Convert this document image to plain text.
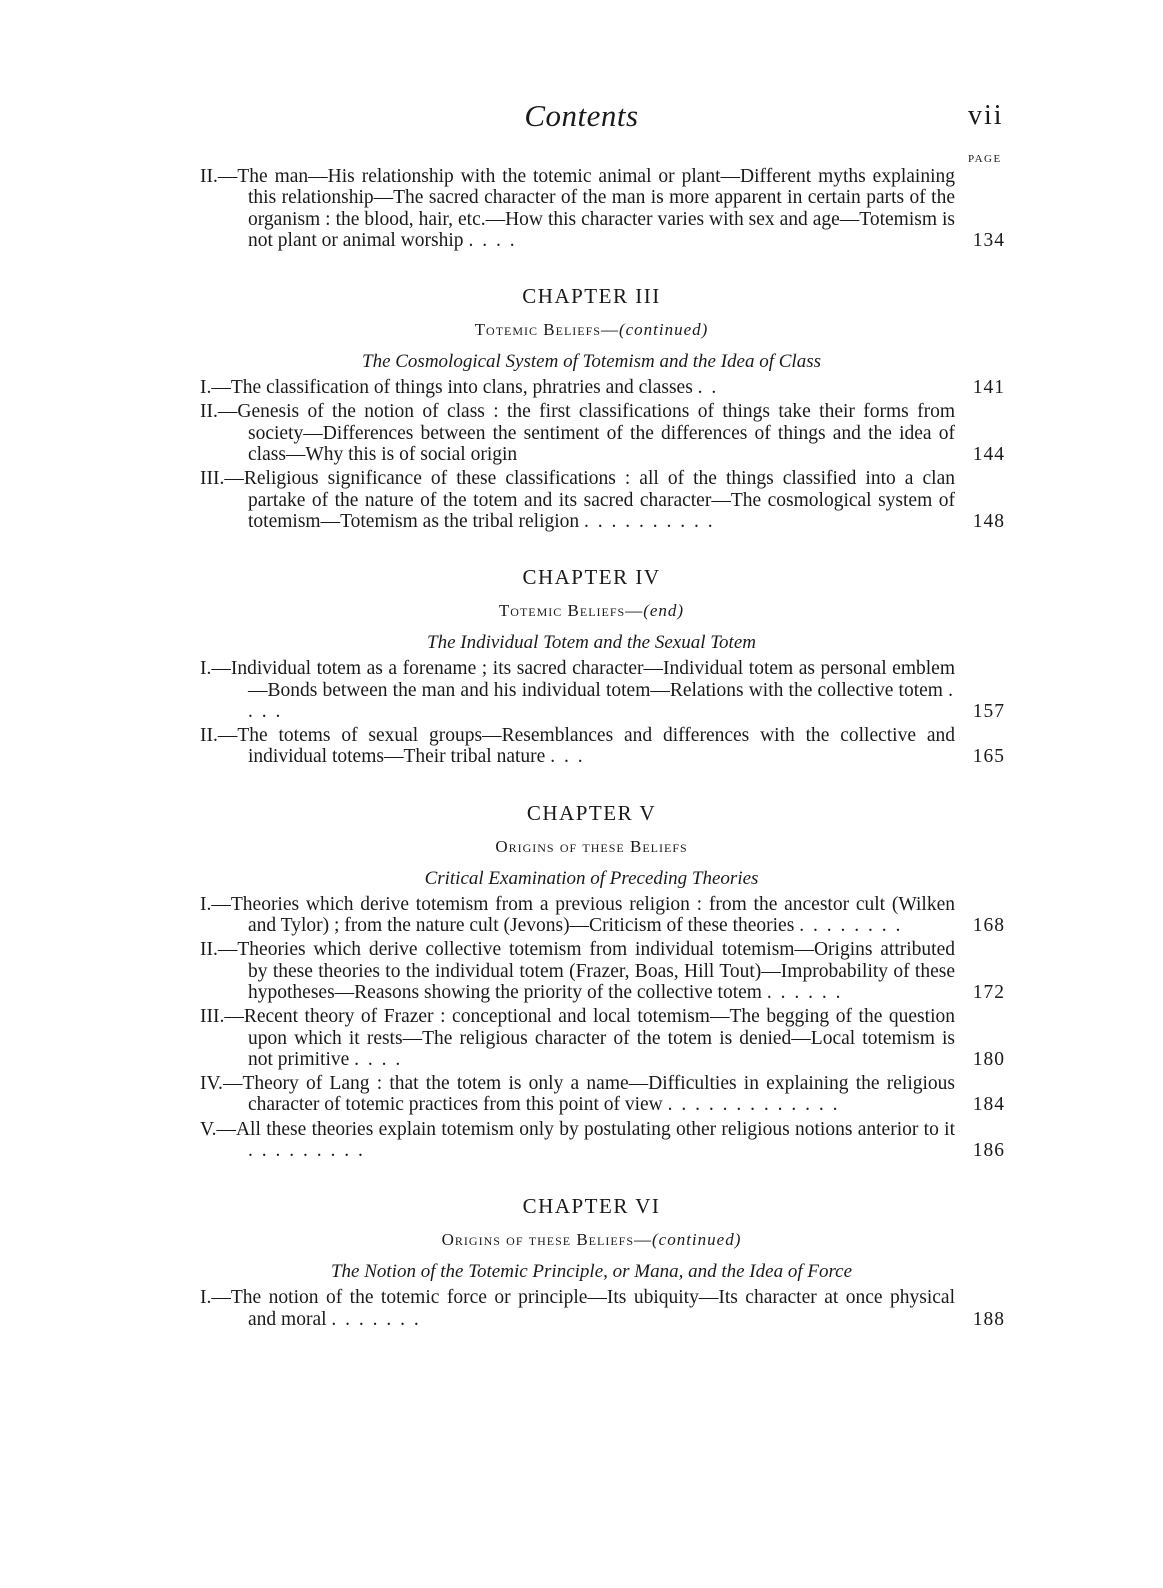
Contents	vii
PAGE
II.—The man—His relationship with the totemic animal or plant—Different myths explaining this relationship—The sacred character of the man is more apparent in certain parts of the organism : the blood, hair, etc.—How this character varies with sex and age—Totemism is not plant or animal worship . . . .	134
CHAPTER III
Totemic Beliefs—(continued)
The Cosmological System of Totemism and the Idea of Class
I.—The classification of things into clans, phratries and classes . .	141
II.—Genesis of the notion of class : the first classifications of things take their forms from society—Differences between the sentiment of the differences of things and the idea of class—Why this is of social origin	144
III.—Religious significance of these classifications : all of the things classified into a clan partake of the nature of the totem and its sacred character—The cosmological system of totemism—Totemism as the tribal religion . . . . . . . . . .	148
CHAPTER IV
Totemic Beliefs—(end)
The Individual Totem and the Sexual Totem
I.—Individual totem as a forename ; its sacred character—Individual totem as personal emblem—Bonds between the man and his individual totem—Relations with the collective totem . . . .	157
II.—The totems of sexual groups—Resemblances and differences with the collective and individual totems—Their tribal nature . . .	165
CHAPTER V
Origins of these Beliefs
Critical Examination of Preceding Theories
I.—Theories which derive totemism from a previous religion : from the ancestor cult (Wilken and Tylor) ; from the nature cult (Jevons)—Criticism of these theories . . . . . . . .	168
II.—Theories which derive collective totemism from individual totemism—Origins attributed by these theories to the individual totem (Frazer, Boas, Hill Tout)—Improbability of these hypotheses—Reasons showing the priority of the collective totem . . . . . .	172
III.—Recent theory of Frazer : conceptional and local totemism—The begging of the question upon which it rests—The religious character of the totem is denied—Local totemism is not primitive . . . .	180
IV.—Theory of Lang : that the totem is only a name—Difficulties in explaining the religious character of totemic practices from this point of view . . . . . . . . . . . . .	184
V.—All these theories explain totemism only by postulating other religious notions anterior to it . . . . . . . . .	186
CHAPTER VI
Origins of these Beliefs—(continued)
The Notion of the Totemic Principle, or Mana, and the Idea of Force
I.—The notion of the totemic force or principle—Its ubiquity—Its character at once physical and moral . . . . . . .	188
